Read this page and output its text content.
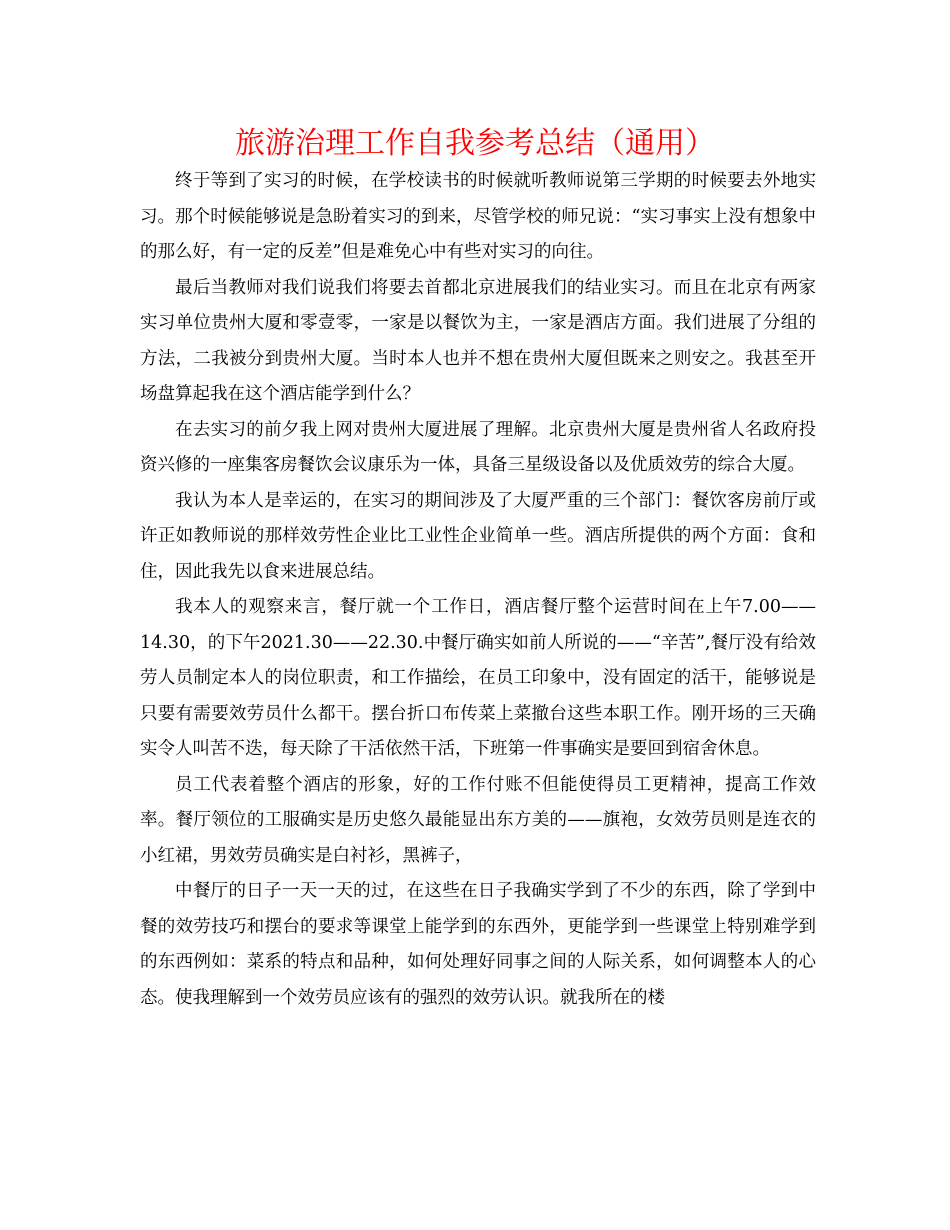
旅游治理工作自我参考总结（通用）

终于等到了实习的时候，在学校读书的时候就听教师说第三学期的时候要去外地实习。那个时候能够说是急盼着实习的到来，尽管学校的师兄说：“实习事实上没有想象中的那么好，有一定的反差”但是难免心中有些对实习的向往。

最后当教师对我们说我们将要去首都北京进展我们的结业实习。而且在北京有两家实习单位贵州大厦和零壹零，一家是以餐饮为主，一家是酒店方面。我们进展了分组的方法，二我被分到贵州大厦。当时本人也并不想在贵州大厦但既来之则安之。我甚至开场盘算起我在这个酒店能学到什么？

在去实习的前夕我上网对贵州大厦进展了理解。北京贵州大厦是贵州省人名政府投资兴修的一座集客房餐饮会议康乐为一体，具备三星级设备以及优质效劳的综合大厦。

我认为本人是幸运的，在实习的期间涉及了大厦严重的三个部门：餐饮客房前厅或许正如教师说的那样效劳性企业比工业性企业简单一些。酒店所提供的两个方面：食和住，因此我先以食来进展总结。

我本人的观察来言，餐厅就一个工作日，酒店餐厅整个运营时间在上午7.00——14.30，的下午2021.30——22.30.中餐厅确实如前人所说的——“辛苦”,餐厅没有给效劳人员制定本人的岗位职责，和工作描绘，在员工印象中，没有固定的活干，能够说是只要有需要效劳员什么都干。摆台折口布传菜上菜撤台这些本职工作。刚开场的三天确实令人叫苦不迭，每天除了干活依然干活，下班第一件事确实是要回到宿舍休息。

员工代表着整个酒店的形象，好的工作付账不但能使得员工更精神，提高工作效率。餐厅领位的工服确实是历史悠久最能显出东方美的——旗袍，女效劳员则是连衣的小红裙，男效劳员确实是白衬衫，黑裤子，

中餐厅的日子一天一天的过，在这些在日子我确实学到了不少的东西，除了学到中餐的效劳技巧和摆台的要求等课堂上能学到的东西外，更能学到一些课堂上特别难学到的东西例如：菜系的特点和品种，如何处理好同事之间的人际关系，如何调整本人的心态。使我理解到一个效劳员应该有的强烈的效劳认识。就我所在的楼
